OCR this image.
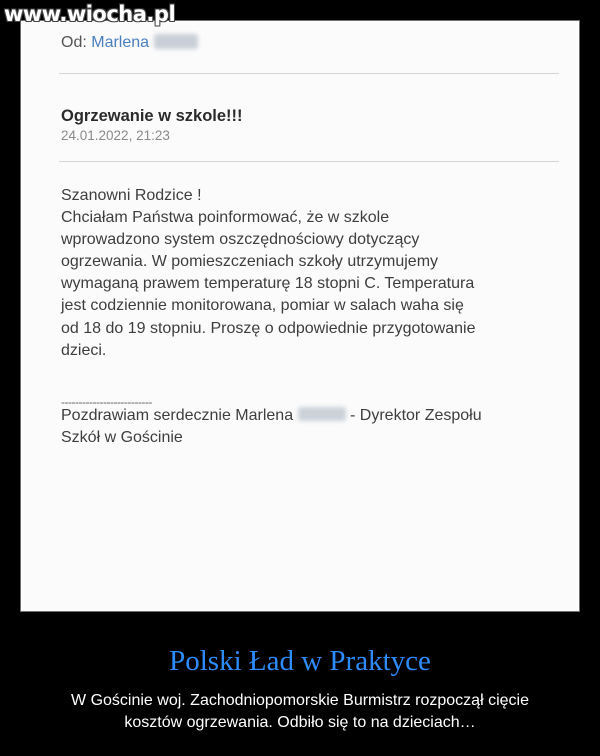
www.wiocha.pl
Od: Marlena
Ogrzewanie w szkole!!!
24.01.2022, 21:23
Szanowni Rodzice !
Chciałam Państwa poinformować, że w szkole
wprowadzono system oszczędnościowy dotyczący
ogrzewania. W pomieszczeniach szkoły utrzymujemy
wymaganą prawem temperaturę 18 stopni C. Temperatura
jest codziennie monitorowana, pomiar w salach waha się
od 18 do 19 stopniu. Proszę o odpowiednie przygotowanie
dzieci.
--------------------------
Pozdrawiam serdecznie Marlena	- Dyrektor Zespołu
Szkół w Gościnie
Polski Ład w Praktyce
W Gościnie woj. Zachodniopomorskie Burmistrz rozpoczął cięcie
kosztów ogrzewania. Odbiło się to na dzieciach…
